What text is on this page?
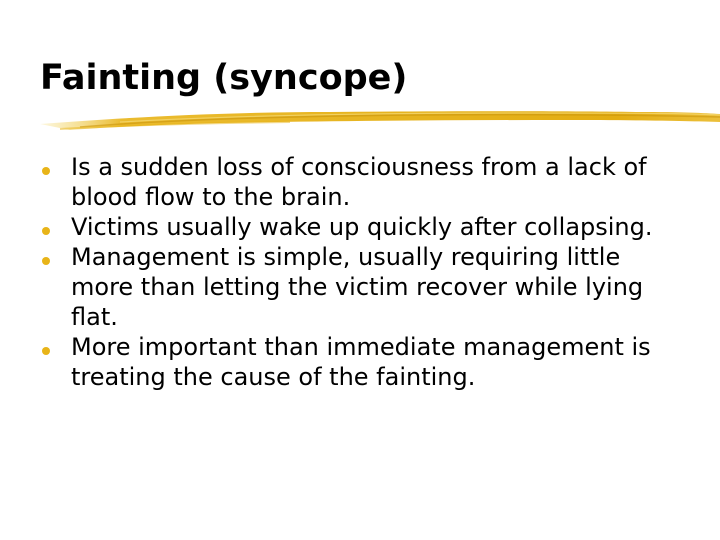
Fainting (syncope)
Is a sudden loss of consciousness from a lack of blood flow to the brain.
Victims usually wake up quickly after collapsing.
Management is simple, usually requiring little more than letting the victim recover while lying flat.
More important than immediate management is treating the cause of the fainting.
